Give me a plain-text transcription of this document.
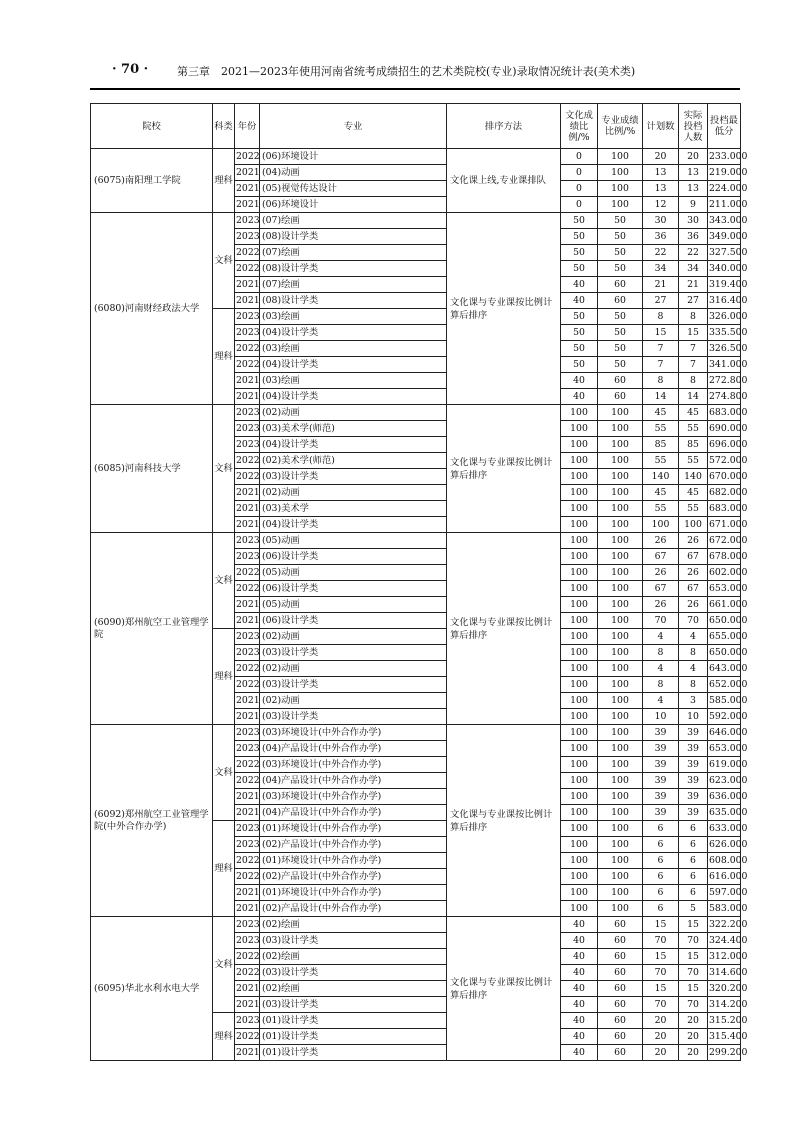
· 70 ·	第三章　2021—2023年使用河南省统考成绩招生的艺术类院校(专业)录取情况统计表(美术类)
院校	科类	年份	专业	排序方法	文化成绩比例/%	专业成绩比例/%	计划数	实际投档人数	投档最低分
(6075)南阳理工学院	理科	2022	(06)环境设计	文化课上线,专业课排队	0	100	20	20	233.000
		2021	(04)动画		0	100	13	13	219.000
		2021	(05)视觉传达设计		0	100	13	13	224.000
		2021	(06)环境设计		0	100	12	9	211.000
(6080)河南财经政法大学	文科	2023	(07)绘画	文化课与专业课按比例计算后排序	50	50	30	30	343.000
		2023	(08)设计学类		50	50	36	36	349.000
		2022	(07)绘画		50	50	22	22	327.500
		2022	(08)设计学类		50	50	34	34	340.000
		2021	(07)绘画		40	60	21	21	319.400
		2021	(08)设计学类		40	60	27	27	316.400
	理科	2023	(03)绘画		50	50	8	8	326.000
		2023	(04)设计学类		50	50	15	15	335.500
		2022	(03)绘画		50	50	7	7	326.500
		2022	(04)设计学类		50	50	7	7	341.000
		2021	(03)绘画		40	60	8	8	272.800
		2021	(04)设计学类		40	60	14	14	274.800
(6085)河南科技大学	文科	2023	(02)动画	文化课与专业课按比例计算后排序	100	100	45	45	683.000
		2023	(03)美术学(师范)		100	100	55	55	690.000
		2023	(04)设计学类		100	100	85	85	696.000
		2022	(02)美术学(师范)		100	100	55	55	572.000
		2022	(03)设计学类		100	100	140	140	670.000
		2021	(02)动画		100	100	45	45	682.000
		2021	(03)美术学		100	100	55	55	683.000
		2021	(04)设计学类		100	100	100	100	671.000
(6090)郑州航空工业管理学院	文科	2023	(05)动画	文化课与专业课按比例计算后排序	100	100	26	26	672.000
		2023	(06)设计学类		100	100	67	67	678.000
		2022	(05)动画		100	100	26	26	602.000
		2022	(06)设计学类		100	100	67	67	653.000
		2021	(05)动画		100	100	26	26	661.000
		2021	(06)设计学类		100	100	70	70	650.000
	理科	2023	(02)动画		100	100	4	4	655.000
		2023	(03)设计学类		100	100	8	8	650.000
		2022	(02)动画		100	100	4	4	643.000
		2022	(03)设计学类		100	100	8	8	652.000
		2021	(02)动画		100	100	4	3	585.000
		2021	(03)设计学类		100	100	10	10	592.000
(6092)郑州航空工业管理学院(中外合作办学)	文科	2023	(03)环境设计(中外合作办学)	文化课与专业课按比例计算后排序	100	100	39	39	646.000
		2023	(04)产品设计(中外合作办学)		100	100	39	39	653.000
		2022	(03)环境设计(中外合作办学)		100	100	39	39	619.000
		2022	(04)产品设计(中外合作办学)		100	100	39	39	623.000
		2021	(03)环境设计(中外合作办学)		100	100	39	39	636.000
		2021	(04)产品设计(中外合作办学)		100	100	39	39	635.000
	理科	2023	(01)环境设计(中外合作办学)		100	100	6	6	633.000
		2023	(02)产品设计(中外合作办学)		100	100	6	6	626.000
		2022	(01)环境设计(中外合作办学)		100	100	6	6	608.000
		2022	(02)产品设计(中外合作办学)		100	100	6	6	616.000
		2021	(01)环境设计(中外合作办学)		100	100	6	6	597.000
		2021	(02)产品设计(中外合作办学)		100	100	6	5	583.000
(6095)华北水利水电大学	文科	2023	(02)绘画	文化课与专业课按比例计算后排序	40	60	15	15	322.200
		2023	(03)设计学类		40	60	70	70	324.400
		2022	(02)绘画		40	60	15	15	312.000
		2022	(03)设计学类		40	60	70	70	314.600
		2021	(02)绘画		40	60	15	15	320.200
		2021	(03)设计学类		40	60	70	70	314.200
	理科	2023	(01)设计学类		40	60	20	20	315.200
		2022	(01)设计学类		40	60	20	20	315.400
		2021	(01)设计学类		40	60	20	20	299.200
